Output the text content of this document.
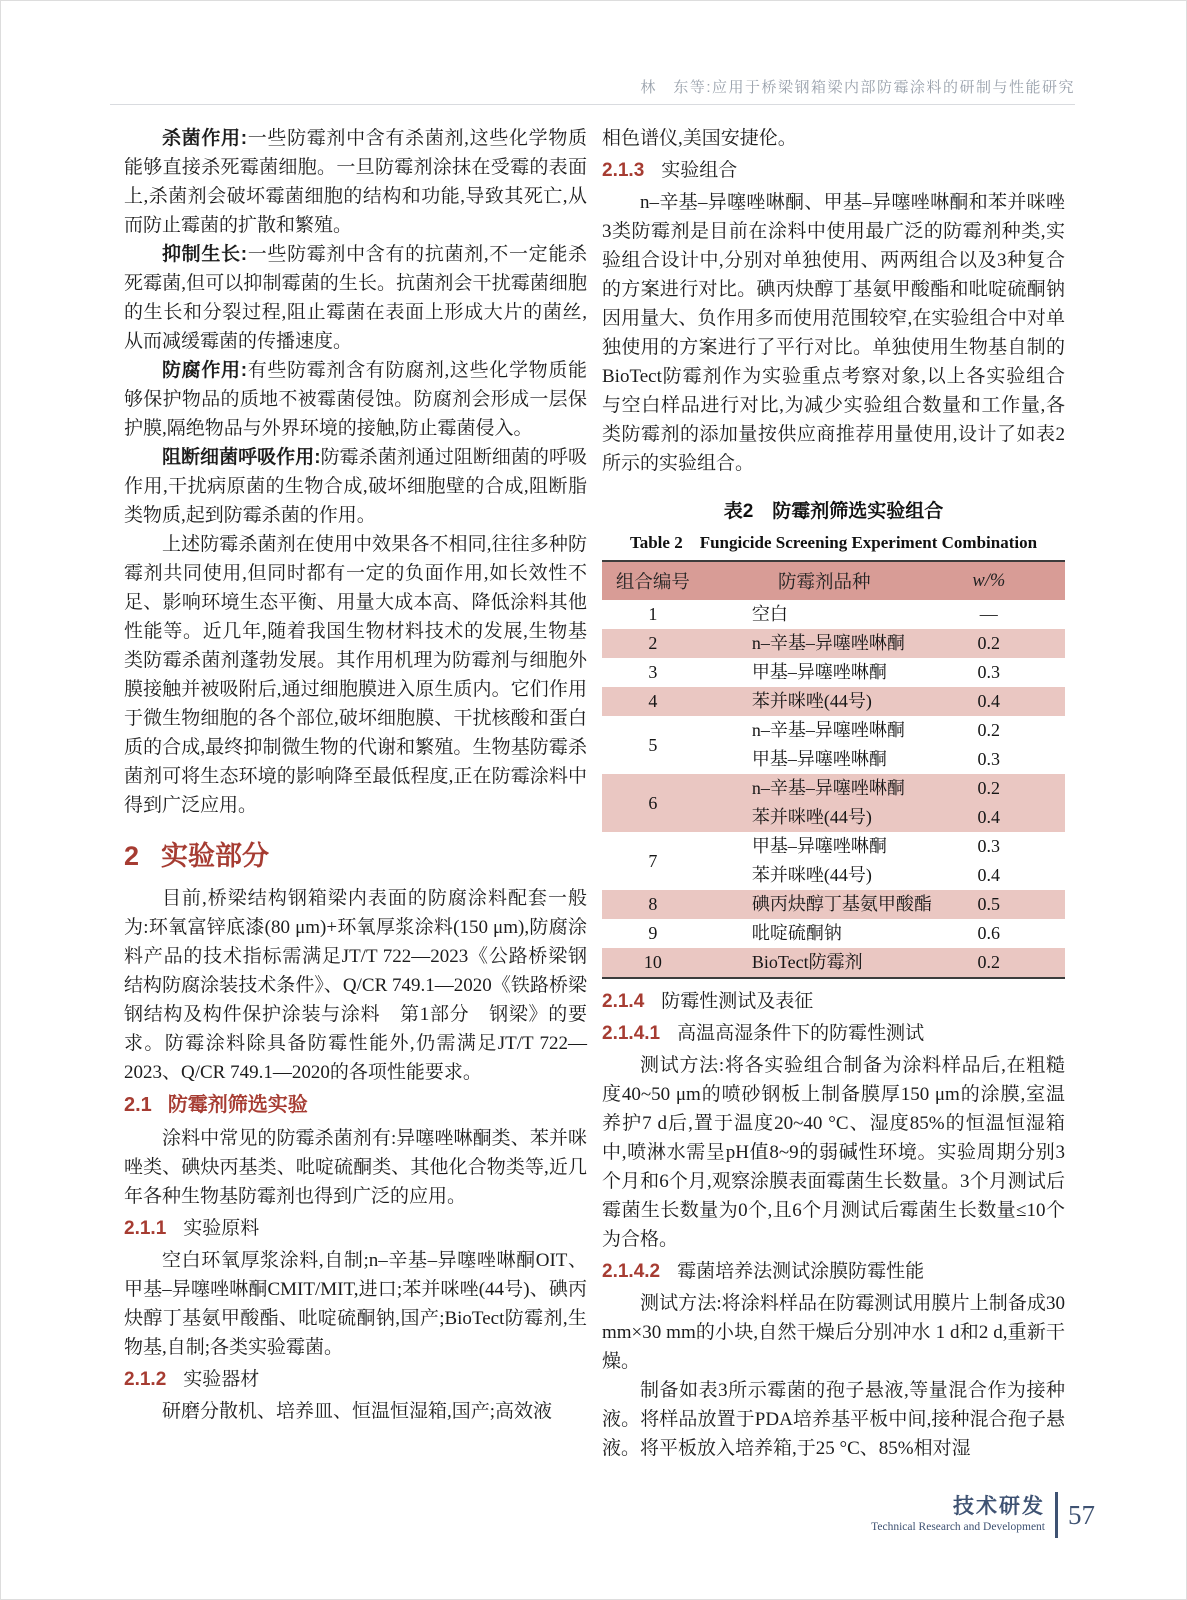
林　东等:应用于桥梁钢箱梁内部防霉涂料的研制与性能研究

杀菌作用:一些防霉剂中含有杀菌剂,这些化学物质能够直接杀死霉菌细胞。一旦防霉剂涂抹在受霉的表面上,杀菌剂会破坏霉菌细胞的结构和功能,导致其死亡,从而防止霉菌的扩散和繁殖。

抑制生长:一些防霉剂中含有的抗菌剂,不一定能杀死霉菌,但可以抑制霉菌的生长。抗菌剂会干扰霉菌细胞的生长和分裂过程,阻止霉菌在表面上形成大片的菌丝,从而减缓霉菌的传播速度。

防腐作用:有些防霉剂含有防腐剂,这些化学物质能够保护物品的质地不被霉菌侵蚀。防腐剂会形成一层保护膜,隔绝物品与外界环境的接触,防止霉菌侵入。

阻断细菌呼吸作用:防霉杀菌剂通过阻断细菌的呼吸作用,干扰病原菌的生物合成,破坏细胞壁的合成,阻断脂类物质,起到防霉杀菌的作用。

上述防霉杀菌剂在使用中效果各不相同,往往多种防霉剂共同使用,但同时都有一定的负面作用,如长效性不足、影响环境生态平衡、用量大成本高、降低涂料其他性能等。近几年,随着我国生物材料技术的发展,生物基类防霉杀菌剂蓬勃发展。其作用机理为防霉剂与细胞外膜接触并被吸附后,通过细胞膜进入原生质内。它们作用于微生物细胞的各个部位,破坏细胞膜、干扰核酸和蛋白质的合成,最终抑制微生物的代谢和繁殖。生物基防霉杀菌剂可将生态环境的影响降至最低程度,正在防霉涂料中得到广泛应用。

2 实验部分

目前,桥梁结构钢箱梁内表面的防腐涂料配套一般为:环氧富锌底漆(80 μm)+环氧厚浆涂料(150 μm),防腐涂料产品的技术指标需满足JT/T 722—2023《公路桥梁钢结构防腐涂装技术条件》、Q/CR 749.1—2020《铁路桥梁钢结构及构件保护涂装与涂料　第1部分　钢梁》的要求。防霉涂料除具备防霉性能外,仍需满足JT/T 722—2023、Q/CR 749.1—2020的各项性能要求。

2.1 防霉剂筛选实验

涂料中常见的防霉杀菌剂有:异噻唑啉酮类、苯并咪唑类、碘炔丙基类、吡啶硫酮类、其他化合物类等,近几年各种生物基防霉剂也得到广泛的应用。

2.1.1 实验原料

空白环氧厚浆涂料,自制;n–辛基–异噻唑啉酮OIT、甲基–异噻唑啉酮CMIT/MIT,进口;苯并咪唑(44号)、碘丙炔醇丁基氨甲酸酯、吡啶硫酮钠,国产;BioTect防霉剂,生物基,自制;各类实验霉菌。

2.1.2 实验器材

研磨分散机、培养皿、恒温恒湿箱,国产;高效液

相色谱仪,美国安捷伦。

2.1.3 实验组合

n–辛基–异噻唑啉酮、甲基–异噻唑啉酮和苯并咪唑3类防霉剂是目前在涂料中使用最广泛的防霉剂种类,实验组合设计中,分别对单独使用、两两组合以及3种复合的方案进行对比。碘丙炔醇丁基氨甲酸酯和吡啶硫酮钠因用量大、负作用多而使用范围较窄,在实验组合中对单独使用的方案进行了平行对比。单独使用生物基自制的BioTect防霉剂作为实验重点考察对象,以上各实验组合与空白样品进行对比,为减少实验组合数量和工作量,各类防霉剂的添加量按供应商推荐用量使用,设计了如表2所示的实验组合。

表2　防霉剂筛选实验组合
Table 2　Fungicide Screening Experiment Combination
组合编号	防霉剂品种	w/%
1	空白	—
2	n–辛基–异噻唑啉酮	0.2
3	甲基–异噻唑啉酮	0.3
4	苯并咪唑(44号)	0.4
5	n–辛基–异噻唑啉酮	0.2
	甲基–异噻唑啉酮	0.3
6	n–辛基–异噻唑啉酮	0.2
	苯并咪唑(44号)	0.4
7	甲基–异噻唑啉酮	0.3
	苯并咪唑(44号)	0.4
8	碘丙炔醇丁基氨甲酸酯	0.5
9	吡啶硫酮钠	0.6
10	BioTect防霉剂	0.2
2.1.4 防霉性测试及表征
2.1.4.1 高温高湿条件下的防霉性测试

测试方法:将各实验组合制备为涂料样品后,在粗糙度40~50 μm的喷砂钢板上制备膜厚150 μm的涂膜,室温养护7 d后,置于温度20~40 °C、湿度85%的恒温恒湿箱中,喷淋水需呈pH值8~9的弱碱性环境。实验周期分别3个月和6个月,观察涂膜表面霉菌生长数量。3个月测试后霉菌生长数量为0个,且6个月测试后霉菌生长数量≤10个为合格。

2.1.4.2 霉菌培养法测试涂膜防霉性能

测试方法:将涂料样品在防霉测试用膜片上制备成30 mm×30 mm的小块,自然干燥后分别冲水 1 d和2 d,重新干燥。

制备如表3所示霉菌的孢子悬液,等量混合作为接种液。将样品放置于PDA培养基平板中间,接种混合孢子悬液。将平板放入培养箱,于25 °C、85%相对湿

技术研发
Technical Research and Development 57
